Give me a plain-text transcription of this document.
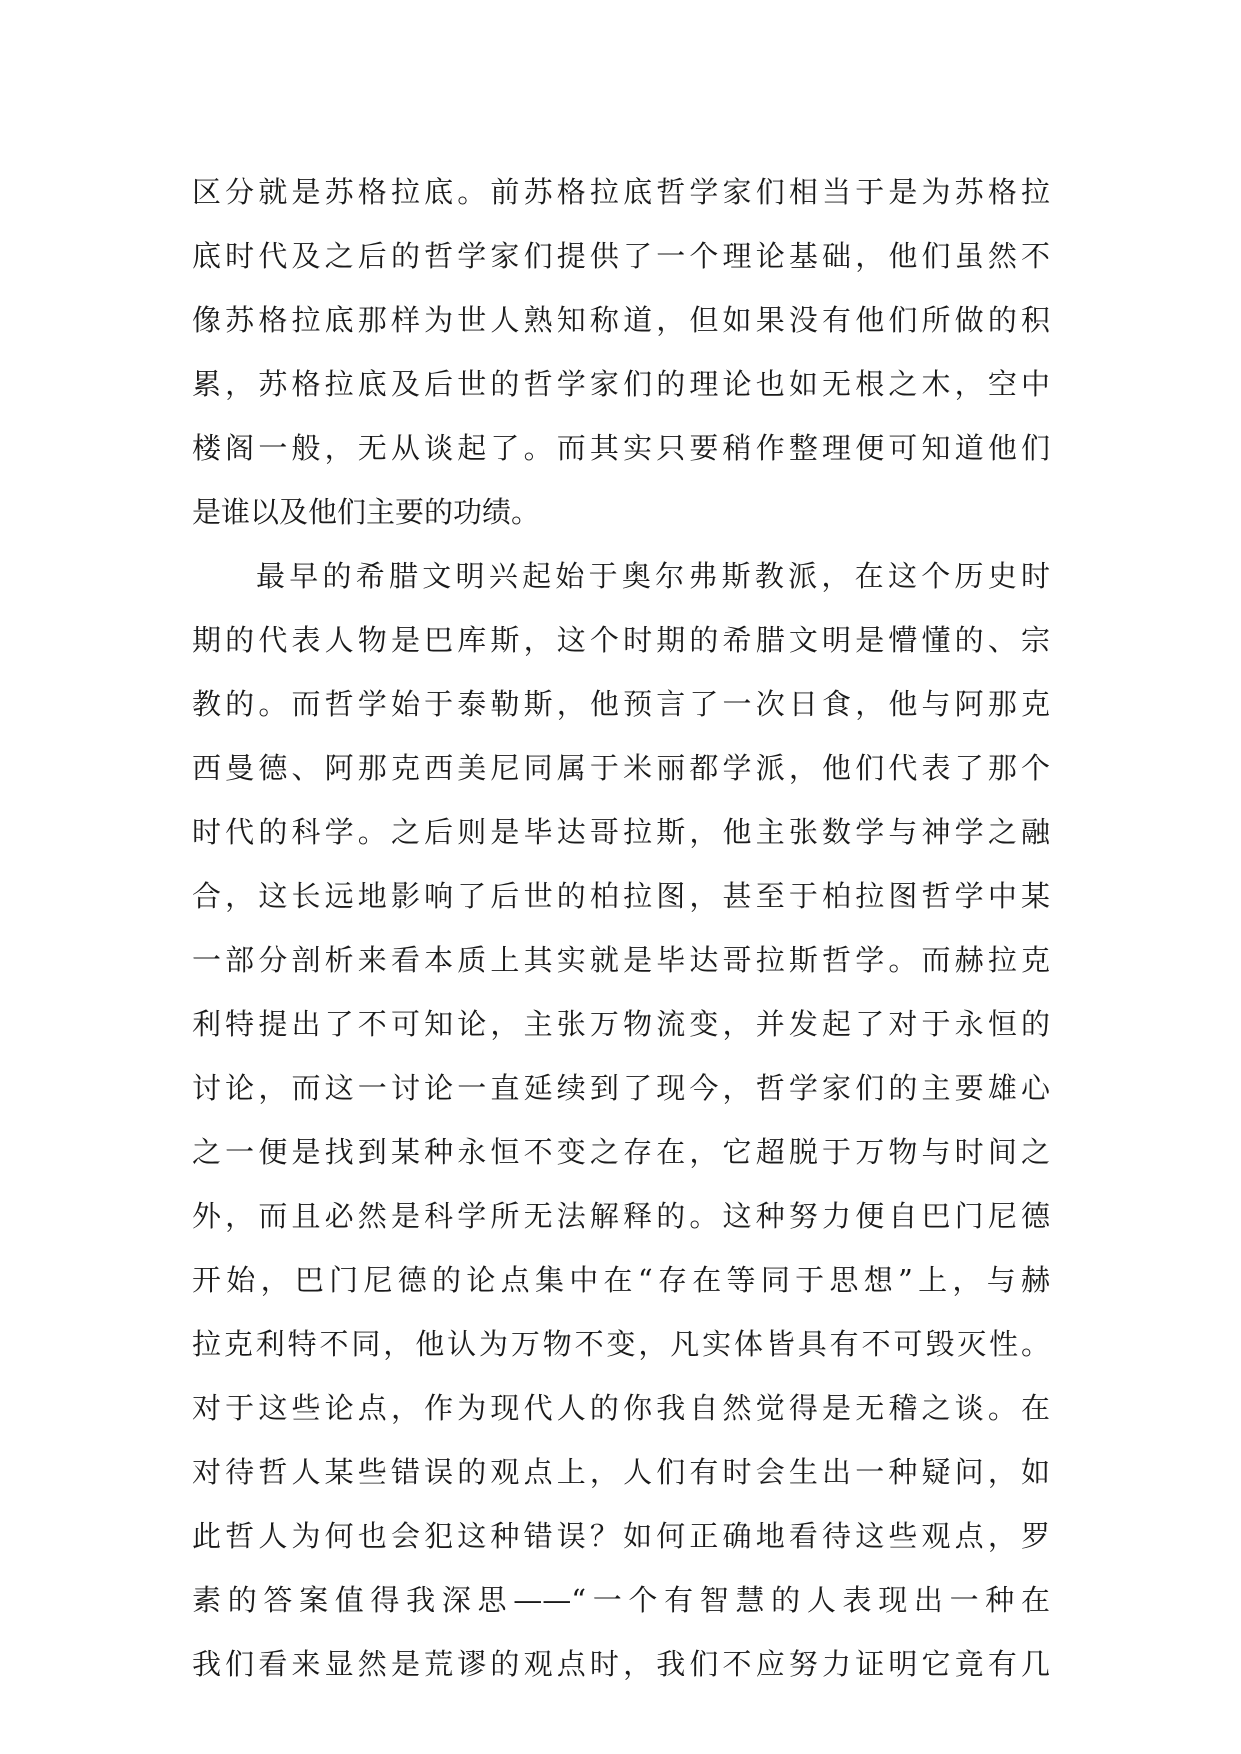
区分就是苏格拉底。前苏格拉底哲学家们相当于是为苏格拉
底时代及之后的哲学家们提供了一个理论基础，他们虽然不
像苏格拉底那样为世人熟知称道，但如果没有他们所做的积
累，苏格拉底及后世的哲学家们的理论也如无根之木，空中
楼阁一般，无从谈起了。而其实只要稍作整理便可知道他们
是谁以及他们主要的功绩。
最早的希腊文明兴起始于奥尔弗斯教派，在这个历史时
期的代表人物是巴库斯，这个时期的希腊文明是懵懂的、宗
教的。而哲学始于泰勒斯，他预言了一次日食，他与阿那克
西曼德、阿那克西美尼同属于米丽都学派，他们代表了那个
时代的科学。之后则是毕达哥拉斯，他主张数学与神学之融
合，这长远地影响了后世的柏拉图，甚至于柏拉图哲学中某
一部分剖析来看本质上其实就是毕达哥拉斯哲学。而赫拉克
利特提出了不可知论，主张万物流变，并发起了对于永恒的
讨论，而这一讨论一直延续到了现今，哲学家们的主要雄心
之一便是找到某种永恒不变之存在，它超脱于万物与时间之
外，而且必然是科学所无法解释的。这种努力便自巴门尼德
开始，巴门尼德的论点集中在“存在等同于思想”上，与赫
拉克利特不同，他认为万物不变，凡实体皆具有不可毁灭性。
对于这些论点，作为现代人的你我自然觉得是无稽之谈。在
对待哲人某些错误的观点上，人们有时会生出一种疑问，如
此哲人为何也会犯这种错误？如何正确地看待这些观点，罗
素的答案值得我深思——“一个有智慧的人表现出一种在
我们看来显然是荒谬的观点时，我们不应努力证明它竟有几
